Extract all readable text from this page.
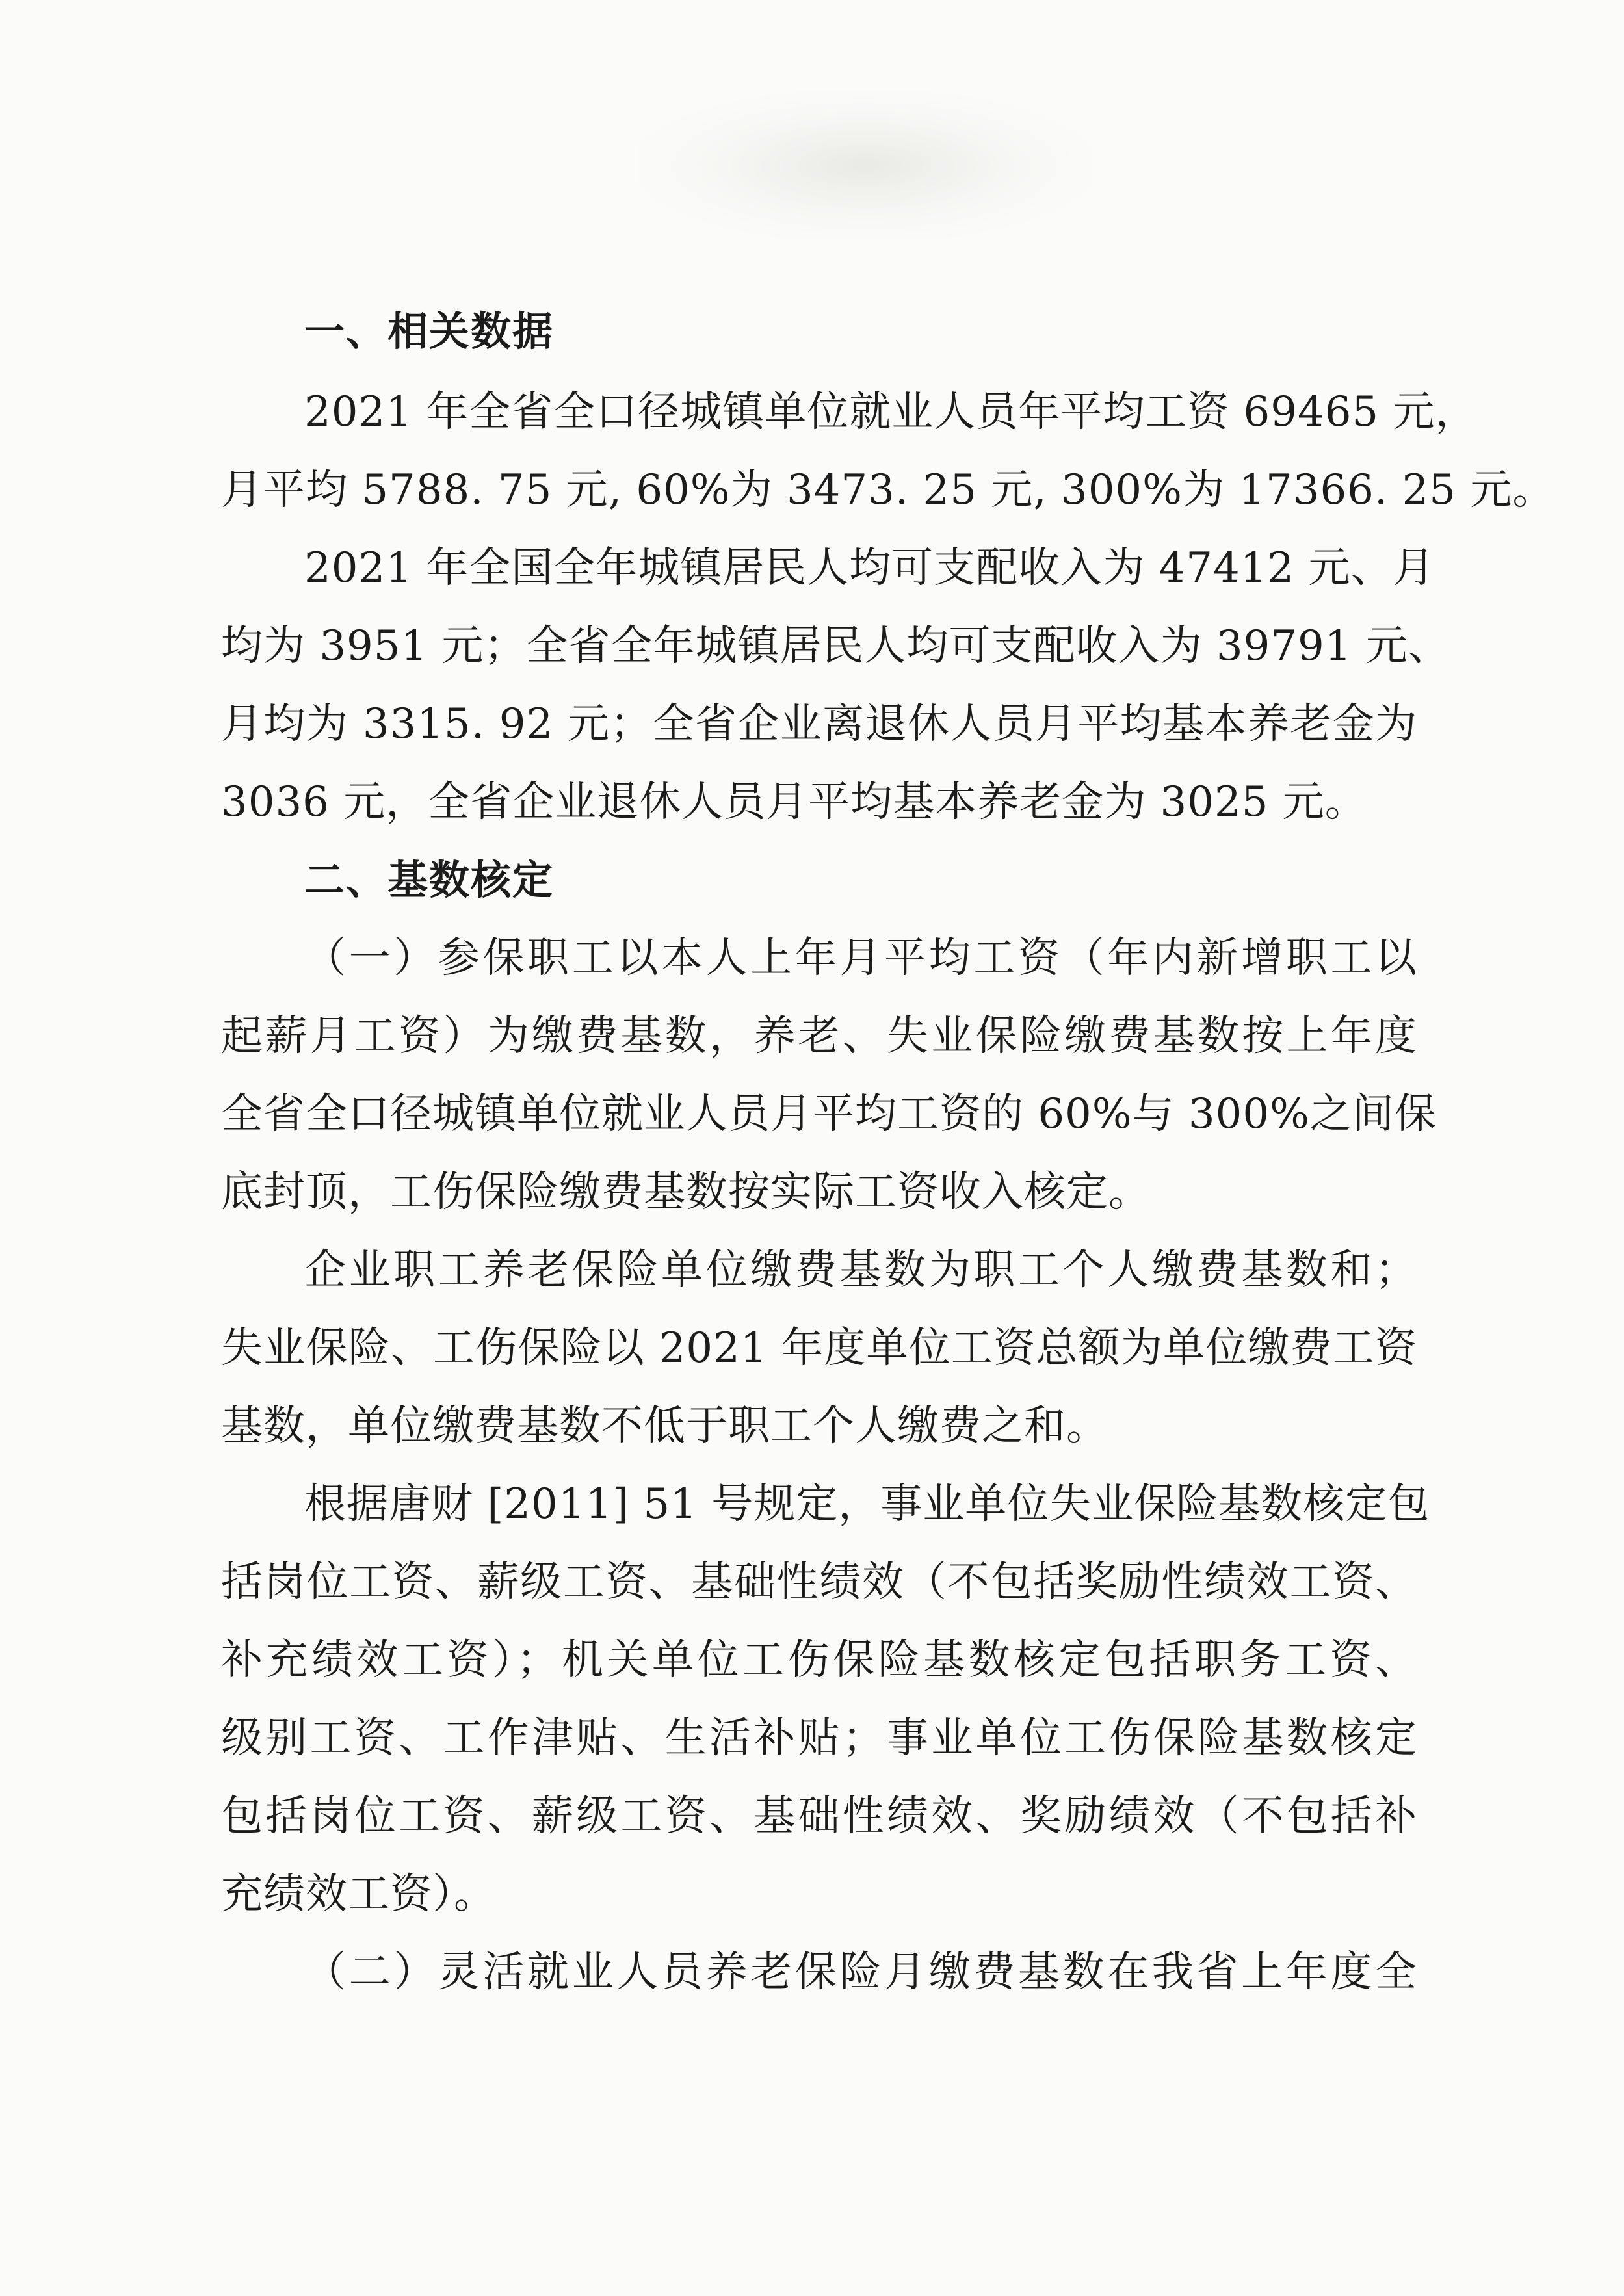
一、相关数据
2021 年全省全口径城镇单位就业人员年平均工资 69465 元，
月平均 5788. 75 元, 60%为 3473. 25 元, 300%为 17366. 25 元。
2021 年全国全年城镇居民人均可支配收入为 47412 元、月
均为 3951 元；全省全年城镇居民人均可支配收入为 39791 元、
月均为 3315. 92 元；全省企业离退休人员月平均基本养老金为
3036 元，全省企业退休人员月平均基本养老金为 3025 元。
二、基数核定
（一）参保职工以本人上年月平均工资（年内新增职工以
起薪月工资）为缴费基数，养老、失业保险缴费基数按上年度
全省全口径城镇单位就业人员月平均工资的 60%与 300%之间保
底封顶，工伤保险缴费基数按实际工资收入核定。
企业职工养老保险单位缴费基数为职工个人缴费基数和；
失业保险、工伤保险以 2021 年度单位工资总额为单位缴费工资
基数，单位缴费基数不低于职工个人缴费之和。
根据唐财 [2011] 51 号规定，事业单位失业保险基数核定包
括岗位工资、薪级工资、基础性绩效（不包括奖励性绩效工资、
补充绩效工资）；机关单位工伤保险基数核定包括职务工资、
级别工资、工作津贴、生活补贴；事业单位工伤保险基数核定
包括岗位工资、薪级工资、基础性绩效、奖励绩效（不包括补
充绩效工资）。
（二）灵活就业人员养老保险月缴费基数在我省上年度全
